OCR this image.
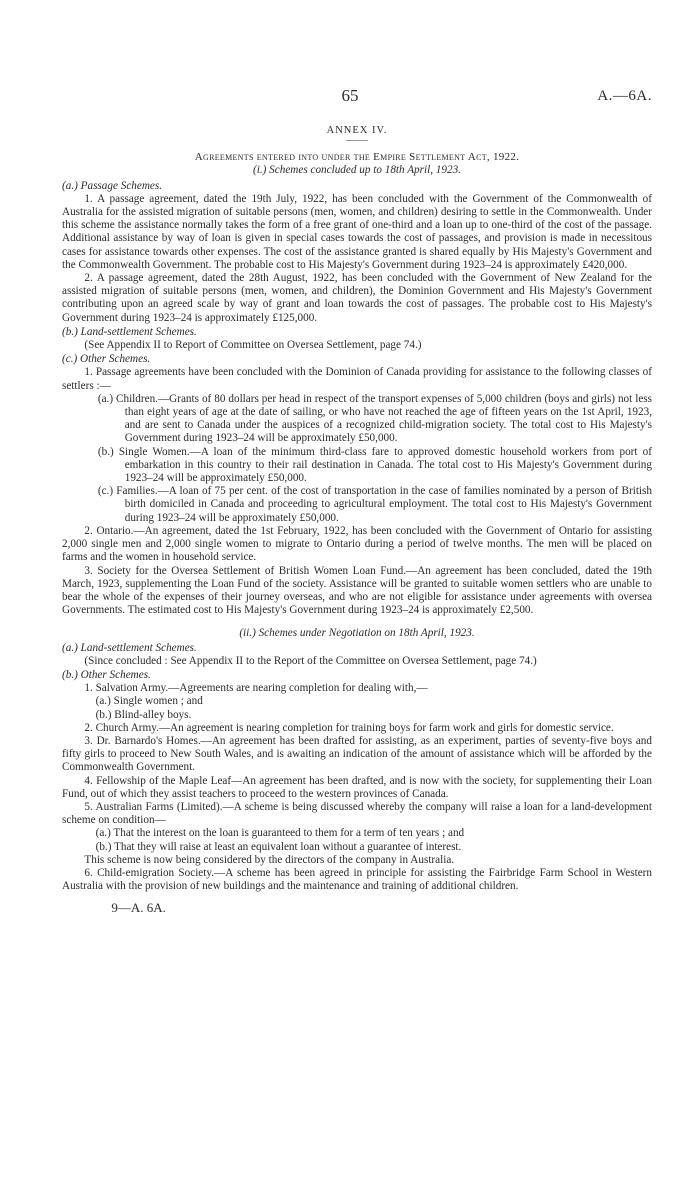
65	A.—6A.
ANNEX IV.
Agreements entered into under the Empire Settlement Act, 1922.
(i.) Schemes concluded up to 18th April, 1923.
(a.) Passage Schemes.

1. A passage agreement, dated the 19th July, 1922, has been concluded with the Government of the Commonwealth of Australia for the assisted migration of suitable persons (men, women, and children) desiring to settle in the Commonwealth. Under this scheme the assistance normally takes the form of a free grant of one-third and a loan up to one-third of the cost of the passage. Additional assistance by way of loan is given in special cases towards the cost of passages, and provision is made in necessitous cases for assistance towards other expenses. The cost of the assistance granted is shared equally by His Majesty's Government and the Commonwealth Government. The probable cost to His Majesty's Government during 1923–24 is approximately £420,000.

2. A passage agreement, dated the 28th August, 1922, has been concluded with the Government of New Zealand for the assisted migration of suitable persons (men, women, and children), the Dominion Government and His Majesty's Government contributing upon an agreed scale by way of grant and loan towards the cost of passages. The probable cost to His Majesty's Government during 1923–24 is approximately £125,000.

(b.) Land-settlement Schemes.

(See Appendix II to Report of Committee on Oversea Settlement, page 74.)

(c.) Other Schemes.

1. Passage agreements have been concluded with the Dominion of Canada providing for assistance to the following classes of settlers :—

(a.) Children.—Grants of 80 dollars per head in respect of the transport expenses of 5,000 children (boys and girls) not less than eight years of age at the date of sailing, or who have not reached the age of fifteen years on the 1st April, 1923, and are sent to Canada under the auspices of a recognized child-migration society. The total cost to His Majesty's Government during 1923–24 will be approximately £50,000.

(b.) Single Women.—A loan of the minimum third-class fare to approved domestic household workers from port of embarkation in this country to their rail destination in Canada. The total cost to His Majesty's Government during 1923–24 will be approximately £50,000.

(c.) Families.—A loan of 75 per cent. of the cost of transportation in the case of families nominated by a person of British birth domiciled in Canada and proceeding to agricultural employment. The total cost to His Majesty's Government during 1923–24 will be approximately £50,000.

2. Ontario.—An agreement, dated the 1st February, 1922, has been concluded with the Government of Ontario for assisting 2,000 single men and 2,000 single women to migrate to Ontario during a period of twelve months. The men will be placed on farms and the women in household service.

3. Society for the Oversea Settlement of British Women Loan Fund.—An agreement has been concluded, dated the 19th March, 1923, supplementing the Loan Fund of the society. Assistance will be granted to suitable women settlers who are unable to bear the whole of the expenses of their journey overseas, and who are not eligible for assistance under agreements with oversea Governments. The estimated cost to His Majesty's Government during 1923–24 is approximately £2,500.

(ii.) Schemes under Negotiation on 18th April, 1923.
(a.) Land-settlement Schemes.

(Since concluded : See Appendix II to the Report of the Committee on Oversea Settlement, page 74.)

(b.) Other Schemes.

1. Salvation Army.—Agreements are nearing completion for dealing with,—

(a.) Single women ; and

(b.) Blind-alley boys.

2. Church Army.—An agreement is nearing completion for training boys for farm work and girls for domestic service.

3. Dr. Barnardo's Homes.—An agreement has been drafted for assisting, as an experiment, parties of seventy-five boys and fifty girls to proceed to New South Wales, and is awaiting an indication of the amount of assistance which will be afforded by the Commonwealth Government.

4. Fellowship of the Maple Leaf—An agreement has been drafted, and is now with the society, for supplementing their Loan Fund, out of which they assist teachers to proceed to the western provinces of Canada.

5. Australian Farms (Limited).—A scheme is being discussed whereby the company will raise a loan for a land-development scheme on condition—

(a.) That the interest on the loan is guaranteed to them for a term of ten years ; and

(b.) That they will raise at least an equivalent loan without a guarantee of interest.

This scheme is now being considered by the directors of the company in Australia.

6. Child-emigration Society.—A scheme has been agreed in principle for assisting the Fairbridge Farm School in Western Australia with the provision of new buildings and the maintenance and training of additional children.

9—A. 6A.
